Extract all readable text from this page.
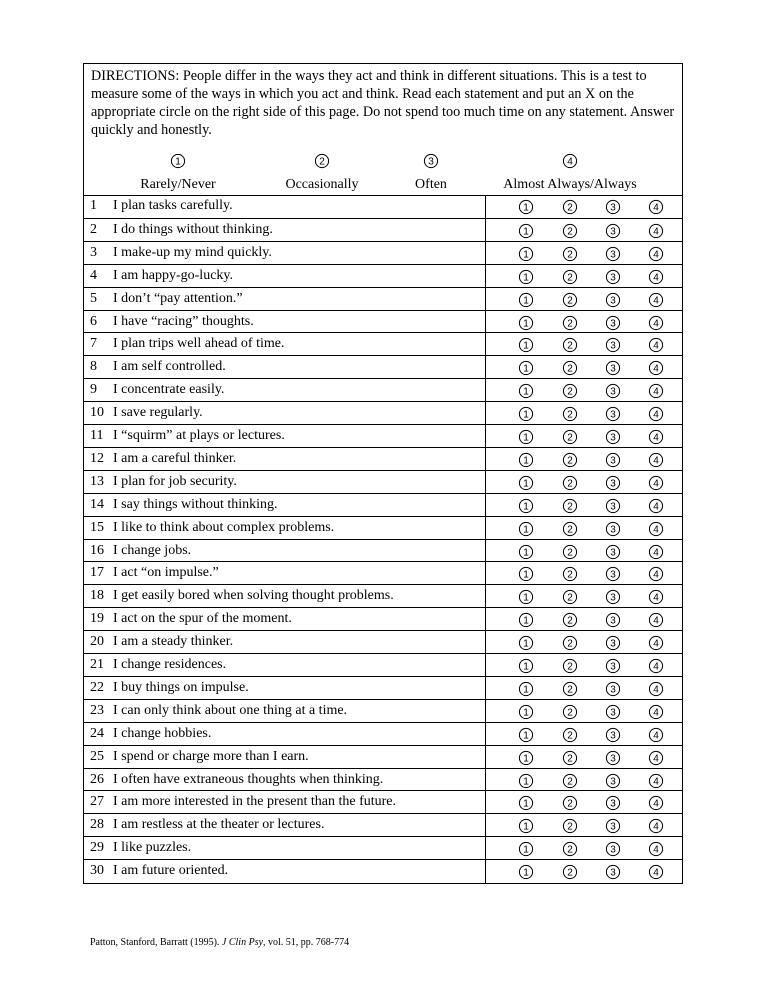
DIRECTIONS: People differ in the ways they act and think in different situations. This is a test to measure some of the ways in which you act and think. Read each statement and put an X on the appropriate circle on the right side of this page. Do not spend too much time on any statement. Answer quickly and honestly.
1
Rarely/Never
2
Occasionally
3
Often
4
Almost Always/Always
1 I plan tasks carefully.	1	2	3	4
2 I do things without thinking.	1	2	3	4
3 I make-up my mind quickly.	1	2	3	4
4 I am happy-go-lucky.	1	2	3	4
5 I don’t “pay attention.”	1	2	3	4
6 I have “racing” thoughts.	1	2	3	4
7 I plan trips well ahead of time.	1	2	3	4
8 I am self controlled.	1	2	3	4
9 I concentrate easily.	1	2	3	4
10 I save regularly.	1	2	3	4
11 I “squirm” at plays or lectures.	1	2	3	4
12 I am a careful thinker.	1	2	3	4
13 I plan for job security.	1	2	3	4
14 I say things without thinking.	1	2	3	4
15 I like to think about complex problems.	1	2	3	4
16 I change jobs.	1	2	3	4
17 I act “on impulse.”	1	2	3	4
18 I get easily bored when solving thought problems.	1	2	3	4
19 I act on the spur of the moment.	1	2	3	4
20 I am a steady thinker.	1	2	3	4
21 I change residences.	1	2	3	4
22 I buy things on impulse.	1	2	3	4
23 I can only think about one thing at a time.	1	2	3	4
24 I change hobbies.	1	2	3	4
25 I spend or charge more than I earn.	1	2	3	4
26 I often have extraneous thoughts when thinking.	1	2	3	4
27 I am more interested in the present than the future.	1	2	3	4
28 I am restless at the theater or lectures.	1	2	3	4
29 I like puzzles.	1	2	3	4
30 I am future oriented.	1	2	3	4
Patton, Stanford, Barratt (1995). J Clin Psy, vol. 51, pp. 768-774
